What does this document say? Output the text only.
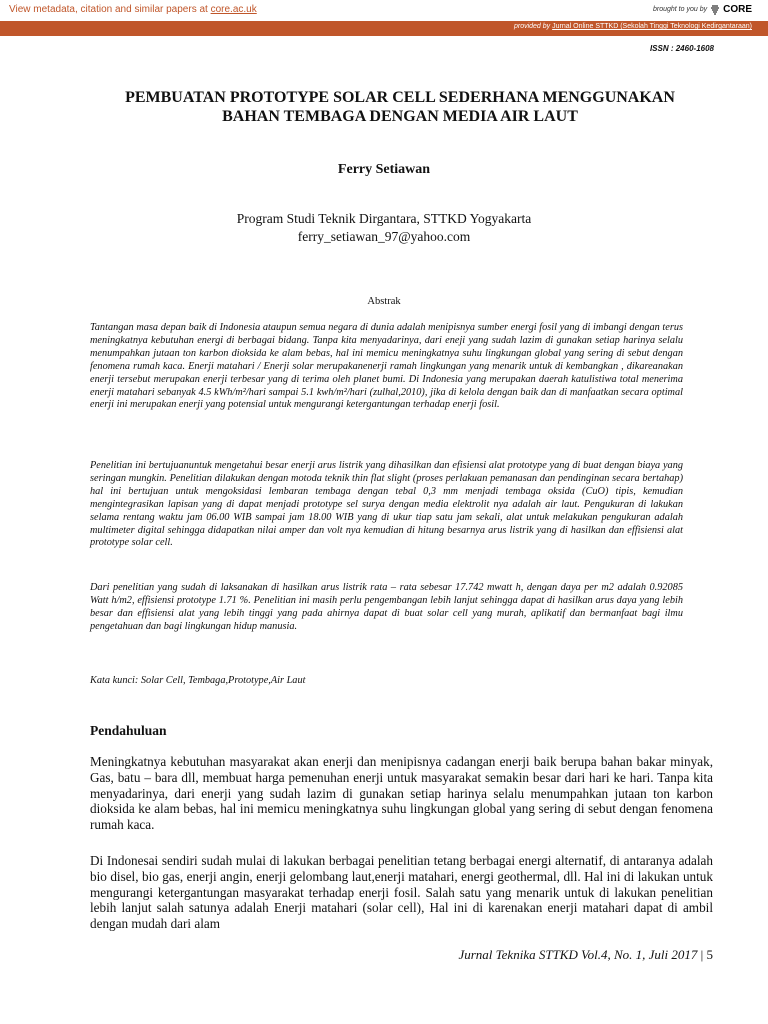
View metadata, citation and similar papers at core.ac.uk	brought to you by CORE
provided by Jurnal Online STTKD (Sekolah Tinggi Teknologi Kedirgantaraan)
ISSN : 2460-1608
PEMBUATAN PROTOTYPE SOLAR CELL SEDERHANA MENGGUNAKAN
BAHAN TEMBAGA DENGAN MEDIA AIR LAUT
Ferry Setiawan
Program Studi Teknik Dirgantara, STTKD Yogyakarta
ferry_setiawan_97@yahoo.com
Abstrak

Tantangan masa depan baik di Indonesia ataupun semua negara di dunia adalah menipisnya sumber energi fosil yang di imbangi dengan terus meningkatnya kebutuhan energi di berbagai bidang. Tanpa kita menyadarinya, dari eneji yang sudah lazim di gunakan setiap harinya selalu menumpahkan jutaan ton karbon dioksida ke alam bebas, hal ini memicu meningkatnya suhu lingkungan global yang sering di sebut dengan fenomena rumah kaca. Enerji matahari / Enerji solar merupakanenerji ramah lingkungan yang menarik untuk di kembangkan , dikareanakan enerji tersebut merupakan enerji terbesar yang di terima oleh planet bumi. Di Indonesia yang merupakan daerah katulistiwa total menerima enerji matahari sebanyak 4.5 kWh/m²/hari sampai 5.1 kwh/m²/hari (zulhal,2010), jika di kelola dengan baik dan di manfaatkan secara optimal enerji ini merupakan enerji yang potensial untuk mengurangi ketergantungan terhadap enerji fosil.

Penelitian ini bertujuanuntuk mengetahui besar enerji arus listrik yang dihasilkan dan efisiensi alat prototype yang di buat dengan biaya yang seringan mungkin. Penelitian dilakukan dengan motoda teknik thin flat slight (proses perlakuan pemanasan dan pendinginan secara bertahap) hal ini bertujuan untuk mengoksidasi lembaran tembaga dengan tebal 0,3 mm menjadi tembaga oksida (CuO) tipis, kemudian mengintegrasikan lapisan yang di dapat menjadi prototype sel surya dengan media elektrolit nya adalah air laut. Pengukuran di lakukan selama rentang waktu jam 06.00 WIB sampai jam 18.00 WIB yang di ukur tiap satu jam sekali, alat untuk melakukan pengukuran adalah multimeter digital sehingga didapatkan nilai amper dan volt nya kemudian di hitung besarnya arus listrik yang di hasilkan dan effisiensi alat prototype solar cell.

Dari penelitian yang sudah di laksanakan di hasilkan arus listrik rata – rata sebesar 17.742 mwatt h, dengan daya per m2 adalah 0.92085 Watt h/m2, effisiensi prototype 1.71 %. Penelitian ini masih perlu pengembangan lebih lanjut sehingga dapat di hasilkan arus daya yang lebih besar dan effisiensi alat yang lebih tinggi yang pada ahirnya dapat di buat solar cell yang murah, aplikatif dan bermanfaat bagi ilmu pengetahuan dan bagi lingkungan hidup manusia.

Kata kunci: Solar Cell, Tembaga,Prototype,Air Laut
Pendahuluan
Meningkatnya kebutuhan masyarakat akan enerji dan menipisnya cadangan enerji baik berupa bahan bakar minyak, Gas, batu – bara dll, membuat harga pemenuhan enerji untuk masyarakat semakin besar dari hari ke hari. Tanpa kita menyadarinya, dari enerji yang sudah lazim di gunakan setiap harinya selalu menumpahkan jutaan ton karbon dioksida ke alam bebas, hal ini memicu meningkatnya suhu lingkungan global yang sering di sebut dengan fenomena rumah kaca.
Di Indonesai sendiri sudah mulai di lakukan berbagai penelitian tetang berbagai energi alternatif, di antaranya adalah bio disel, bio gas, enerji angin, enerji gelombang laut,enerji matahari, energi geothermal, dll. Hal ini di lakukan untuk mengurangi ketergantungan masyarakat terhadap enerji fosil. Salah satu yang menarik untuk di lakukan penelitian lebih lanjut salah satunya adalah Enerji matahari (solar cell), Hal ini di karenakan enerji matahari dapat di ambil dengan mudah dari alam
Jurnal Teknika STTKD Vol.4, No. 1, Juli 2017 | 5
